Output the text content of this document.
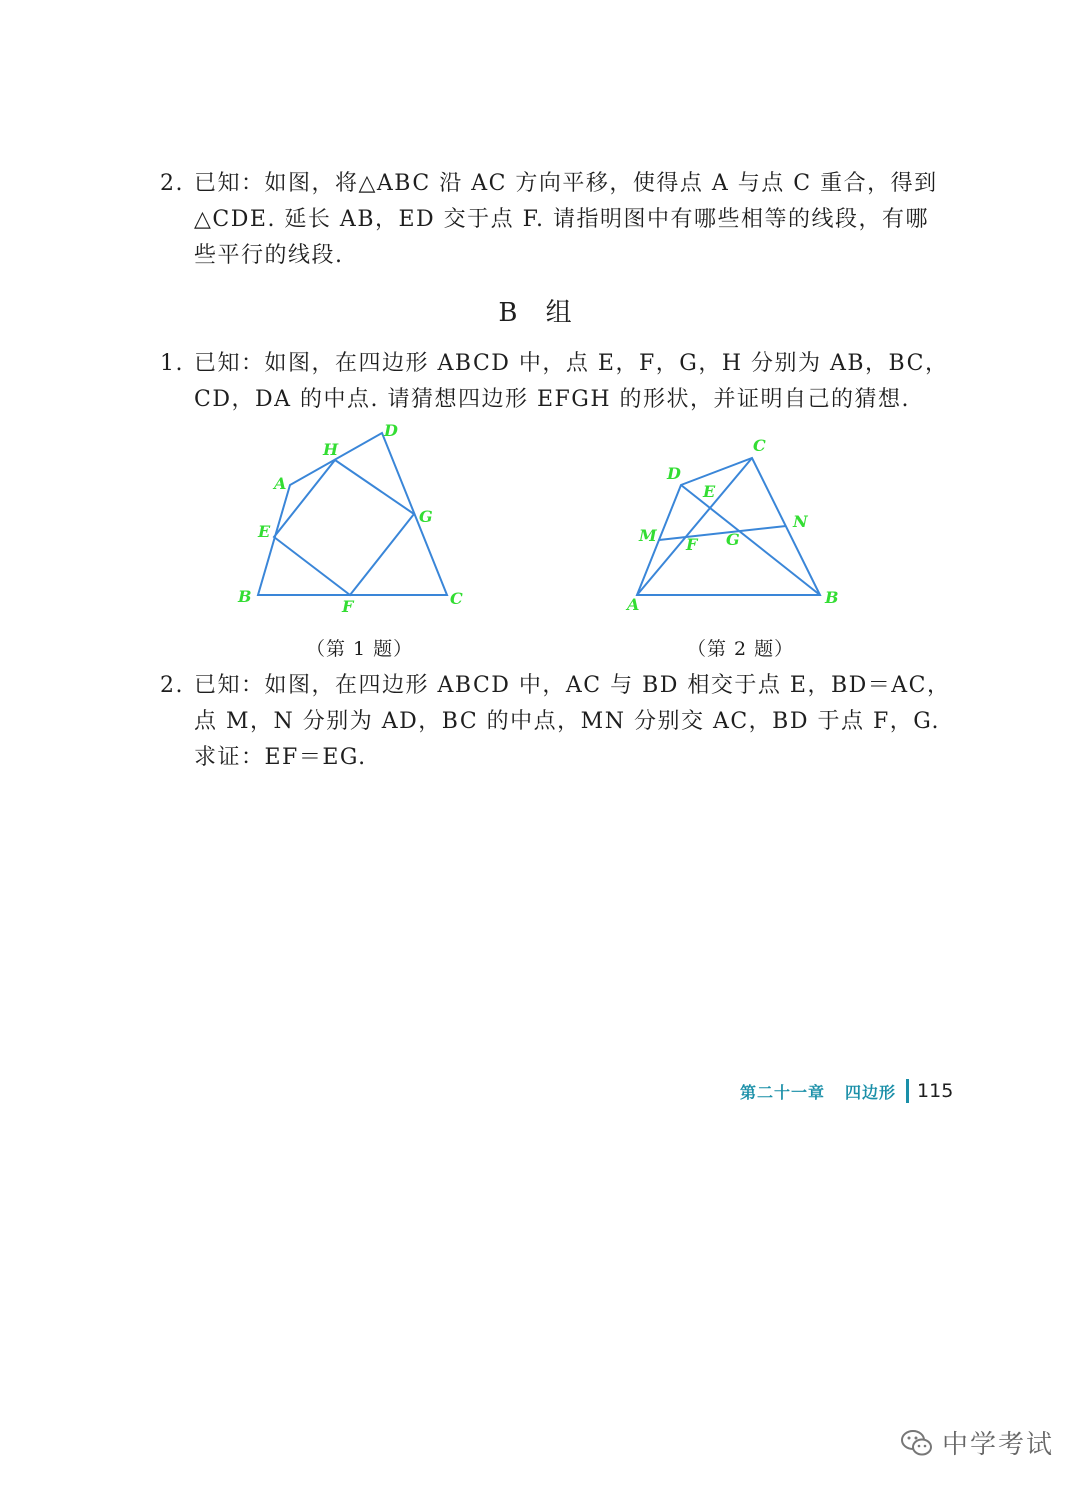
2. 已知：如图，将△ABC 沿 AC 方向平移，使得点 A 与点 C 重合，得到
△CDE. 延长 AB，ED 交于点 F. 请指明图中有哪些相等的线段，有哪
些平行的线段.
B 组
1. 已知：如图，在四边形 ABCD 中，点 E，F，G，H 分别为 AB，BC，
CD，DA 的中点. 请猜想四边形 EFGH 的形状，并证明自己的猜想.
A
B	C
D
E
F
G
H
（第 1 题）
A	B
C
D
E
F G
M
N
（第 2 题）
2. 已知：如图，在四边形 ABCD 中，AC 与 BD 相交于点 E，BD＝AC，
点 M，N 分别为 AD，BC 的中点，MN 分别交 AC，BD 于点 F，G.
求证：EF＝EG.
第二十一章 四边形 115
中学考试
